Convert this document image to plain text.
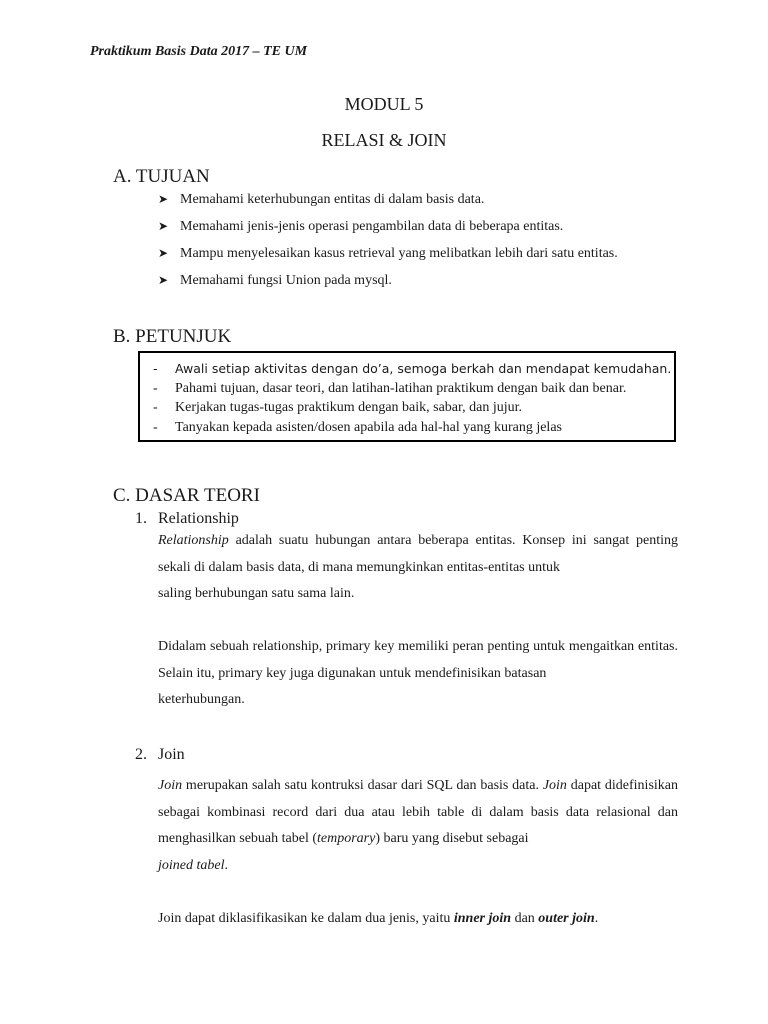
Praktikum Basis Data 2017 – TE UM
MODUL 5
RELASI & JOIN
A. TUJUAN
➤ Memahami keterhubungan entitas di dalam basis data.
➤ Memahami jenis-jenis operasi pengambilan data di beberapa entitas.
➤ Mampu menyelesaikan kasus retrieval yang melibatkan lebih dari satu entitas.
➤ Memahami fungsi Union pada mysql.
B. PETUNJUK
- Awali setiap aktivitas dengan do’a, semoga berkah dan mendapat kemudahan.
- Pahami tujuan, dasar teori, dan latihan-latihan praktikum dengan baik dan benar.
- Kerjakan tugas-tugas praktikum dengan baik, sabar, dan jujur.
- Tanyakan kepada asisten/dosen apabila ada hal-hal yang kurang jelas
C. DASAR TEORI
1. Relationship
Relationship adalah suatu hubungan antara beberapa entitas. Konsep ini sangat penting sekali di dalam basis data, di mana memungkinkan entitas-entitas untuk
saling berhubungan satu sama lain.
Didalam sebuah relationship, primary key memiliki peran penting untuk mengaitkan entitas. Selain itu, primary key juga digunakan untuk mendefinisikan batasan
keterhubungan.
2. Join
Join merupakan salah satu kontruksi dasar dari SQL dan basis data. Join dapat didefinisikan sebagai kombinasi record dari dua atau lebih table di dalam basis data relasional dan menghasilkan sebuah tabel (temporary) baru yang disebut sebagai
joined tabel.
Join dapat diklasifikasikan ke dalam dua jenis, yaitu inner join dan outer join.
